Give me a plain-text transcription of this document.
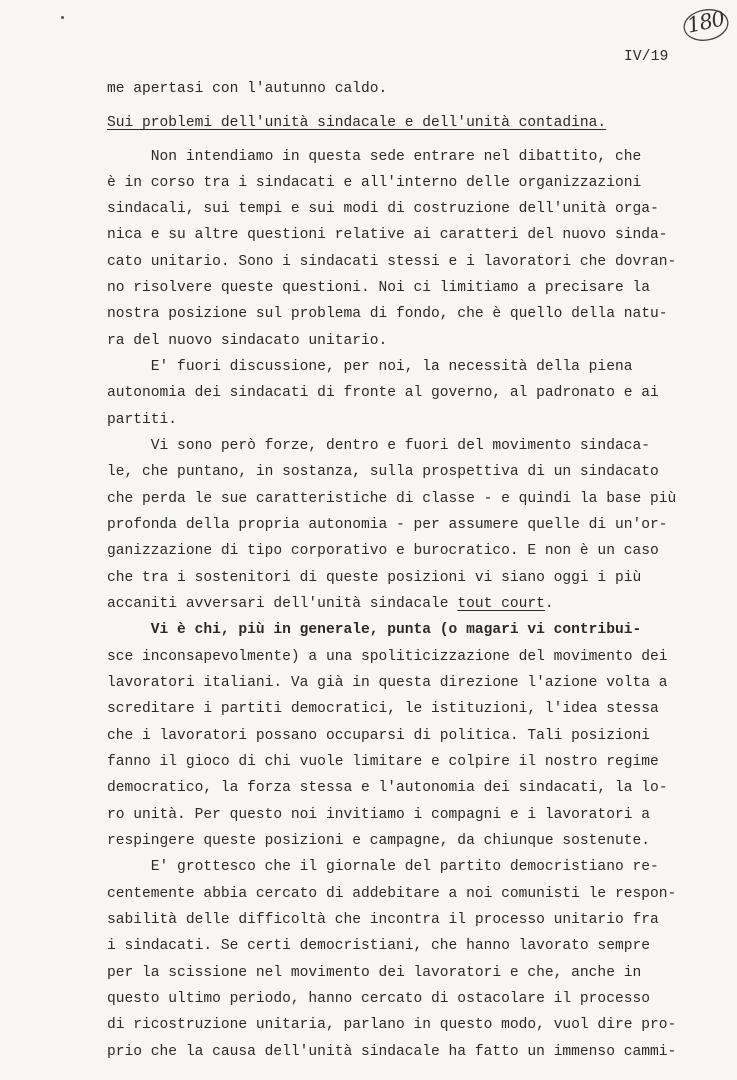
180
IV/19
me apertasi con l'autunno caldo.
Sui problemi dell'unità sindacale e dell'unità contadina.
Non intendiamo in questa sede entrare nel dibattito, che
è in corso tra i sindacati e all'interno delle organizzazioni
sindacali, sui tempi e sui modi di costruzione dell'unità orga-
nica e su altre questioni relative ai caratteri del nuovo sinda-
cato unitario. Sono i sindacati stessi e i lavoratori che dovran-
no risolvere queste questioni. Noi ci limitiamo a precisare la
nostra posizione sul problema di fondo, che è quello della natu-
ra del nuovo sindacato unitario.
E' fuori discussione, per noi, la necessità della piena
autonomia dei sindacati di fronte al governo, al padronato e ai
partiti.
Vi sono però forze, dentro e fuori del movimento sindaca-
le, che puntano, in sostanza, sulla prospettiva di un sindacato
che perda le sue caratteristiche di classe - e quindi la base più
profonda della propria autonomia - per assumere quelle di un'or-
ganizzazione di tipo corporativo e burocratico. E non è un caso
che tra i sostenitori di queste posizioni vi siano oggi i più
accaniti avversari dell'unità sindacale tout court.
Vi è chi, più in generale, punta (o magari vi contribui-
sce inconsapevolmente) a una spoliticizzazione del movimento dei
lavoratori italiani. Va già in questa direzione l'azione volta a
screditare i partiti democratici, le istituzioni, l'idea stessa
che i lavoratori possano occuparsi di politica. Tali posizioni
fanno il gioco di chi vuole limitare e colpire il nostro regime
democratico, la forza stessa e l'autonomia dei sindacati, la lo-
ro unità. Per questo noi invitiamo i compagni e i lavoratori a
respingere queste posizioni e campagne, da chiunque sostenute.
E' grottesco che il giornale del partito democristiano re-
centemente abbia cercato di addebitare a noi comunisti le respon-
sabilità delle difficoltà che incontra il processo unitario fra
i sindacati. Se certi democristiani, che hanno lavorato sempre
per la scissione nel movimento dei lavoratori e che, anche in
questo ultimo periodo, hanno cercato di ostacolare il processo
di ricostruzione unitaria, parlano in questo modo, vuol dire pro-
prio che la causa dell'unità sindacale ha fatto un immenso cammi-
